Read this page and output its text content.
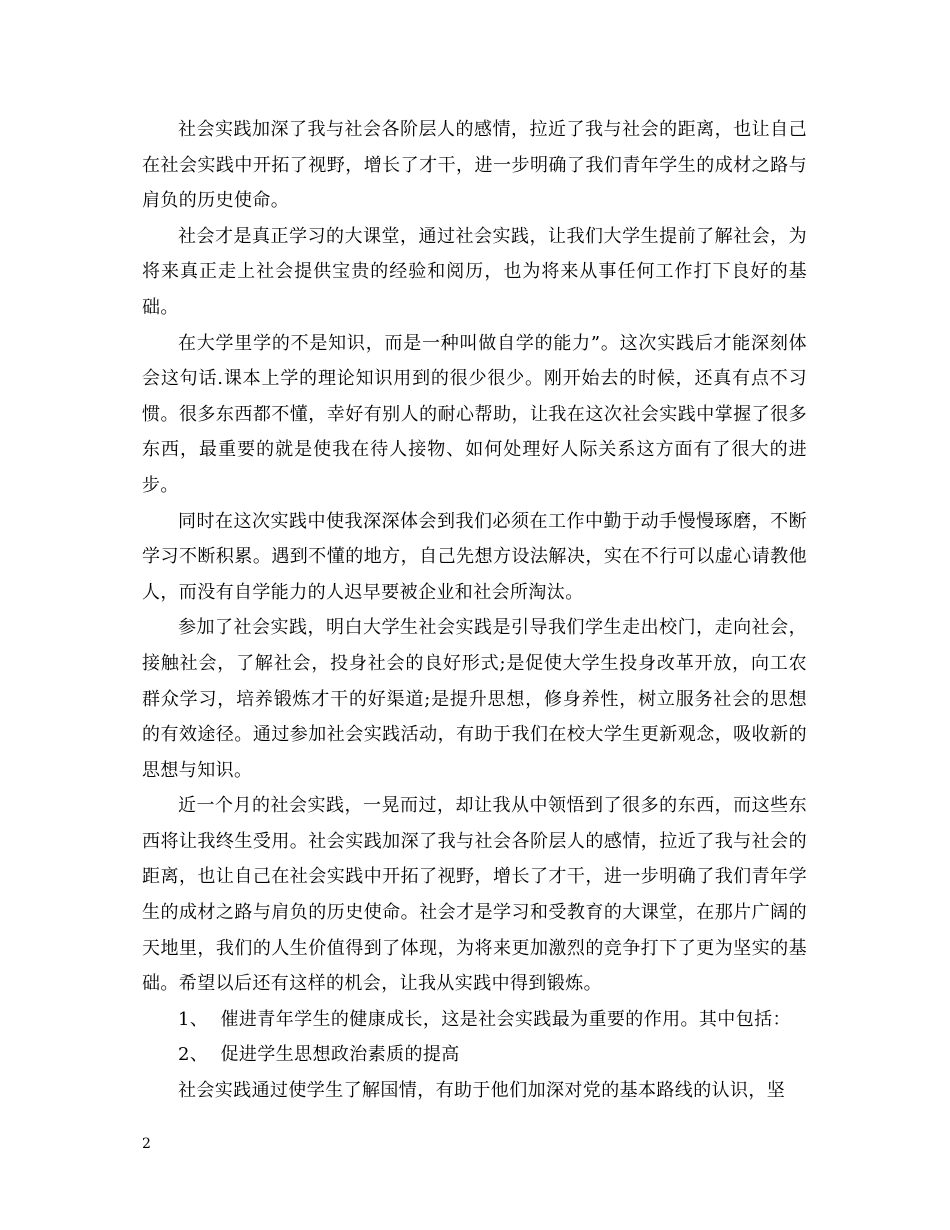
社会实践加深了我与社会各阶层人的感情，拉近了我与社会的距离，也让自己在社会实践中开拓了视野，增长了才干，进一步明确了我们青年学生的成材之路与肩负的历史使命。

社会才是真正学习的大课堂，通过社会实践，让我们大学生提前了解社会，为将来真正走上社会提供宝贵的经验和阅历，也为将来从事任何工作打下良好的基础。

在大学里学的不是知识，而是一种叫做自学的能力”。这次实践后才能深刻体会这句话.课本上学的理论知识用到的很少很少。刚开始去的时候，还真有点不习惯。很多东西都不懂，幸好有别人的耐心帮助，让我在这次社会实践中掌握了很多东西，最重要的就是使我在待人接物、如何处理好人际关系这方面有了很大的进步。

同时在这次实践中使我深深体会到我们必须在工作中勤于动手慢慢琢磨，不断学习不断积累。遇到不懂的地方，自己先想方设法解决，实在不行可以虚心请教他人，而没有自学能力的人迟早要被企业和社会所淘汰。

参加了社会实践，明白大学生社会实践是引导我们学生走出校门，走向社会，接触社会，了解社会，投身社会的良好形式;是促使大学生投身改革开放，向工农群众学习，培养锻炼才干的好渠道;是提升思想，修身养性，树立服务社会的思想的有效途径。通过参加社会实践活动，有助于我们在校大学生更新观念，吸收新的思想与知识。

近一个月的社会实践，一晃而过，却让我从中领悟到了很多的东西，而这些东西将让我终生受用。社会实践加深了我与社会各阶层人的感情，拉近了我与社会的距离，也让自己在社会实践中开拓了视野，增长了才干，进一步明确了我们青年学生的成材之路与肩负的历史使命。社会才是学习和受教育的大课堂，在那片广阔的天地里，我们的人生价值得到了体现，为将来更加激烈的竞争打下了更为坚实的基础。希望以后还有这样的机会，让我从实践中得到锻炼。

1、  催进青年学生的健康成长，这是社会实践最为重要的作用。其中包括：

2、  促进学生思想政治素质的提高

社会实践通过使学生了解国情，有助于他们加深对党的基本路线的认识，坚

2
